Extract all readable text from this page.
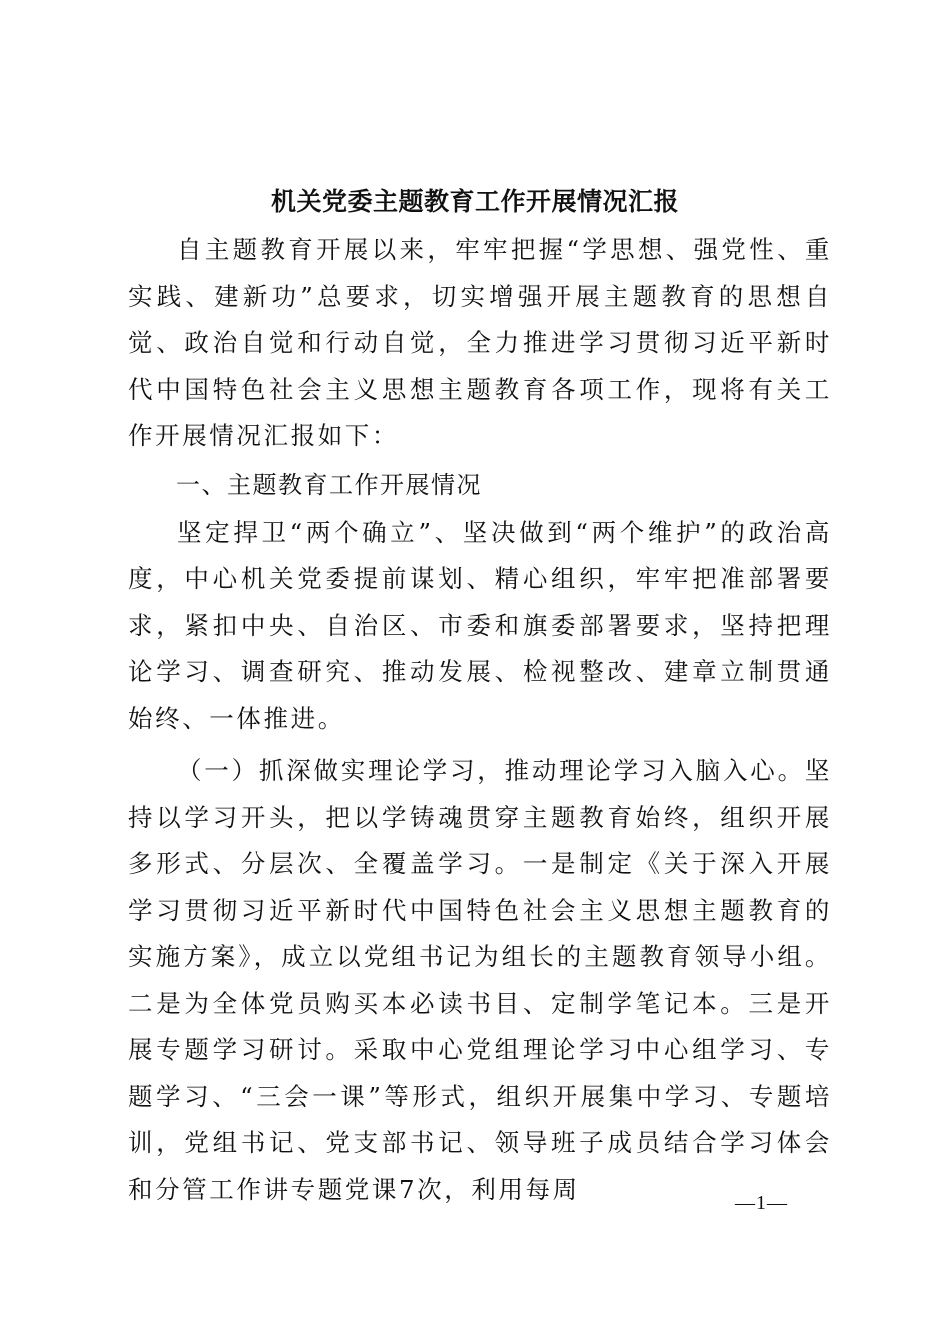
机关党委主题教育工作开展情况汇报

自主题教育开展以来，牢牢把握“学思想、强党性、重实践、建新功”总要求，切实增强开展主题教育的思想自觉、政治自觉和行动自觉，全力推进学习贯彻习近平新时代中国特色社会主义思想主题教育各项工作，现将有关工作开展情况汇报如下：

一、主题教育工作开展情况

坚定捍卫“两个确立”、坚决做到“两个维护”的政治高度，中心机关党委提前谋划、精心组织，牢牢把准部署要求，紧扣中央、自治区、市委和旗委部署要求，坚持把理论学习、调查研究、推动发展、检视整改、建章立制贯通始终、一体推进。

（一）抓深做实理论学习，推动理论学习入脑入心。坚持以学习开头，把以学铸魂贯穿主题教育始终，组织开展多形式、分层次、全覆盖学习。一是制定《关于深入开展学习贯彻习近平新时代中国特色社会主义思想主题教育的实施方案》，成立以党组书记为组长的主题教育领导小组。二是为全体党员购买本必读书目、定制学笔记本。三是开展专题学习研讨。采取中心党组理论学习中心组学习、专题学习、“三会一课”等形式，组织开展集中学习、专题培训，党组书记、党支部书记、领导班子成员结合学习体会和分管工作讲专题党课7次，利用每周	—1—
